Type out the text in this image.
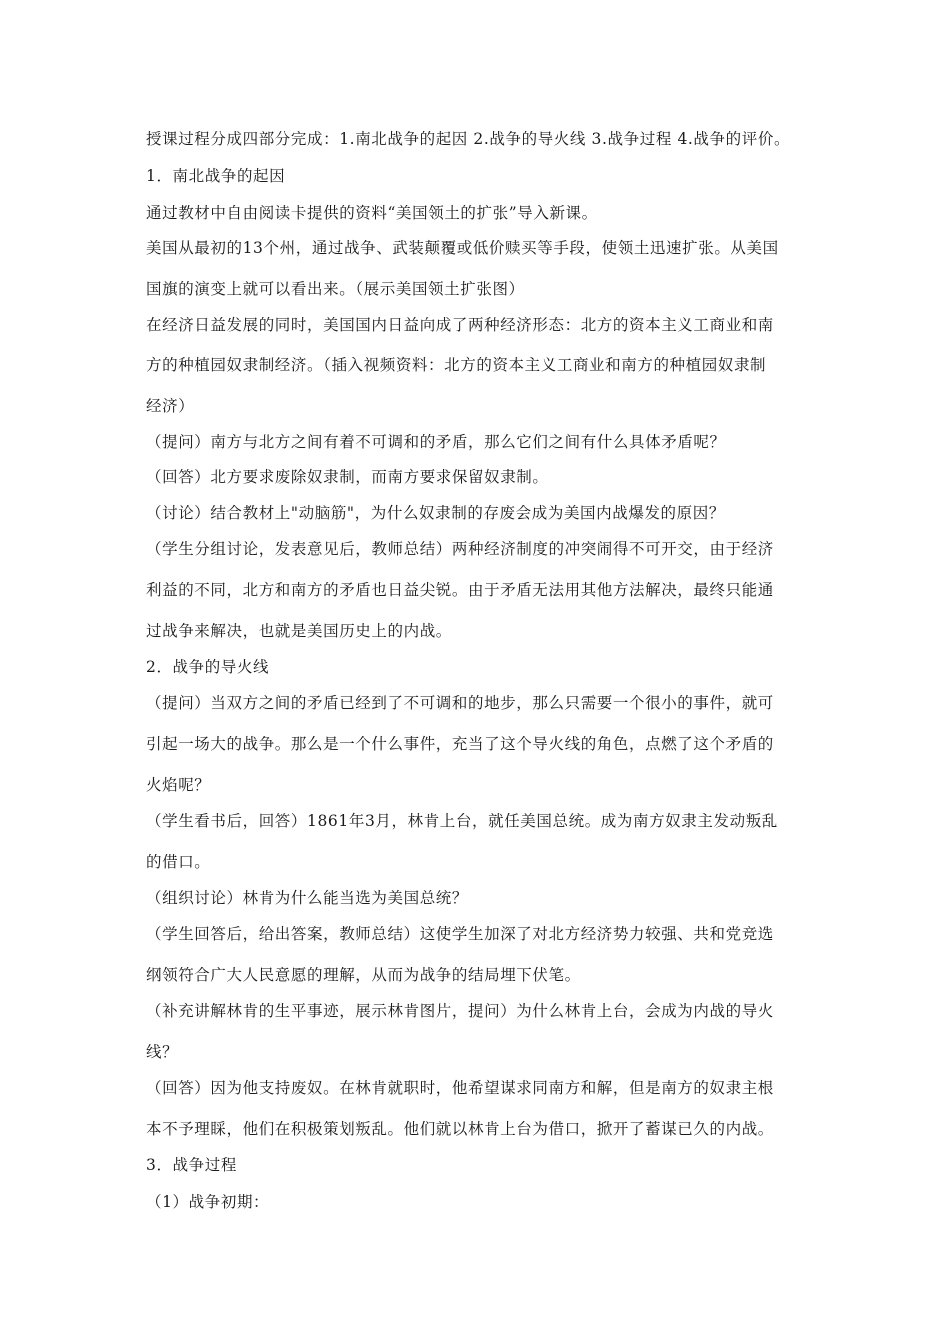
授课过程分成四部分完成：1.南北战争的起因 2.战争的导火线 3.战争过程 4.战争的评价。
1．南北战争的起因
通过教材中自由阅读卡提供的资料“美国领土的扩张”导入新课。
美国从最初的13个州，通过战争、武装颠覆或低价赎买等手段，使领土迅速扩张。从美国
国旗的演变上就可以看出来。（展示美国领土扩张图）
在经济日益发展的同时，美国国内日益向成了两种经济形态：北方的资本主义工商业和南
方的种植园奴隶制经济。（插入视频资料：北方的资本主义工商业和南方的种植园奴隶制
经济）
（提问）南方与北方之间有着不可调和的矛盾，那么它们之间有什么具体矛盾呢？
（回答）北方要求废除奴隶制，而南方要求保留奴隶制。
（讨论）结合教材上"动脑筋"，为什么奴隶制的存废会成为美国内战爆发的原因？
（学生分组讨论，发表意见后，教师总结）两种经济制度的冲突闹得不可开交，由于经济
利益的不同，北方和南方的矛盾也日益尖锐。由于矛盾无法用其他方法解决，最终只能通
过战争来解决，也就是美国历史上的内战。
2．战争的导火线
（提问）当双方之间的矛盾已经到了不可调和的地步，那么只需要一个很小的事件，就可
引起一场大的战争。那么是一个什么事件，充当了这个导火线的角色，点燃了这个矛盾的
火焰呢？
（学生看书后，回答）1861年3月，林肯上台，就任美国总统。成为南方奴隶主发动叛乱
的借口。
（组织讨论）林肯为什么能当选为美国总统？
（学生回答后，给出答案，教师总结）这使学生加深了对北方经济势力较强、共和党竞选
纲领符合广大人民意愿的理解，从而为战争的结局埋下伏笔。
（补充讲解林肯的生平事迹，展示林肯图片，提问）为什么林肯上台，会成为内战的导火
线？
（回答）因为他支持废奴。在林肯就职时，他希望谋求同南方和解，但是南方的奴隶主根
本不予理睬，他们在积极策划叛乱。他们就以林肯上台为借口，掀开了蓄谋已久的内战。
3．战争过程
（1）战争初期：
